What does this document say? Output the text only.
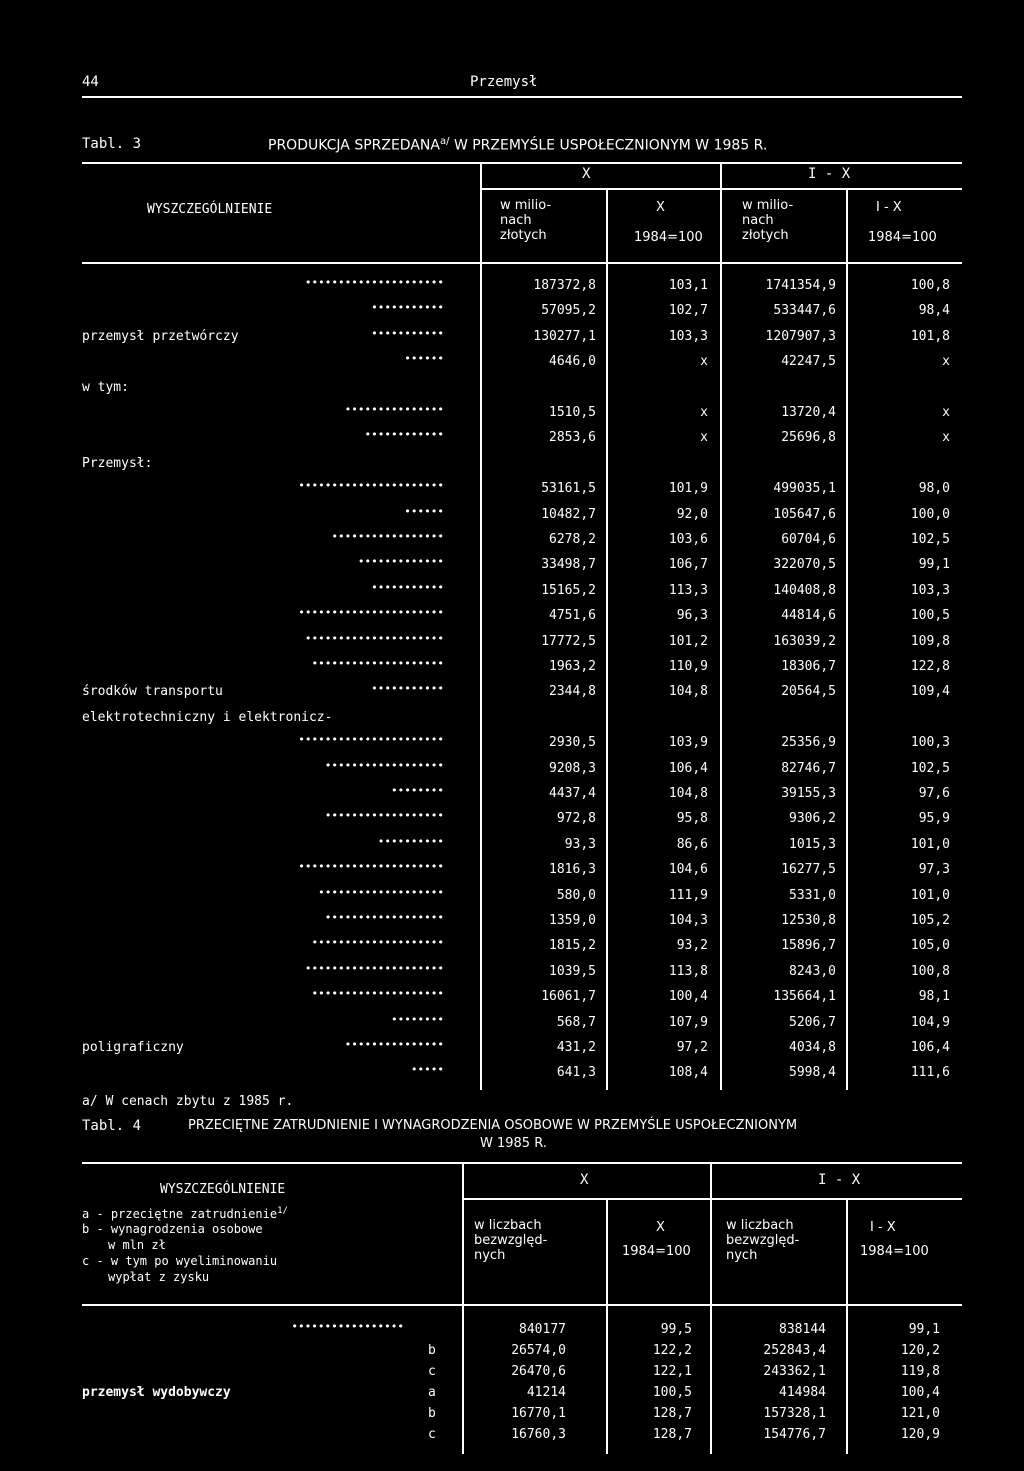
44	Przemysł
Tabl. 3	PRODUKCJA $SPRZEDANA^{a/}$ W PRZEMYŚLE USPOŁECZNIONYM W 1985 R.
WYSZCZEGÓLNIENIE
X	I - X
w milio-
nach
złotych
X
1984=100
w milio-
nach
złotych
I - X
1984=100
•••••••••••••••••••••	187372,8	103,1	1741354,9	100,8
•••••••••••	57095,2	102,7	533447,6	98,4
przemysł przetwórczy	•••••••••••	130277,1	103,3	1207907,3	101,8
••••••	4646,0	x	42247,5	x
w tym:
•••••••••••••••	1510,5	x	13720,4	x
••••••••••••	2853,6	x	25696,8	x
Przemysł:
••••••••••••••••••••••	53161,5	101,9	499035,1	98,0
••••••	10482,7	92,0	105647,6	100,0
•••••••••••••••••	6278,2	103,6	60704,6	102,5
•••••••••••••	33498,7	106,7	322070,5	99,1
•••••••••••	15165,2	113,3	140408,8	103,3
••••••••••••••••••••••	4751,6	96,3	44814,6	100,5
•••••••••••••••••••••	17772,5	101,2	163039,2	109,8
••••••••••••••••••••	1963,2	110,9	18306,7	122,8
środków transportu	•••••••••••	2344,8	104,8	20564,5	109,4
elektrotechniczny i elektronicz-
••••••••••••••••••••••	2930,5	103,9	25356,9	100,3
••••••••••••••••••	9208,3	106,4	82746,7	102,5
••••••••	4437,4	104,8	39155,3	97,6
••••••••••••••••••	972,8	95,8	9306,2	95,9
••••••••••	93,3	86,6	1015,3	101,0
••••••••••••••••••••••	1816,3	104,6	16277,5	97,3
•••••••••••••••••••	580,0	111,9	5331,0	101,0
••••••••••••••••••	1359,0	104,3	12530,8	105,2
••••••••••••••••••••	1815,2	93,2	15896,7	105,0
•••••••••••••••••••••	1039,5	113,8	8243,0	100,8
••••••••••••••••••••	16061,7	100,4	135664,1	98,1
••••••••	568,7	107,9	5206,7	104,9
poligraficzny	•••••••••••••••	431,2	97,2	4034,8	106,4
•••••	641,3	108,4	5998,4	111,6
a/ W cenach zbytu z 1985 r.
Tabl. 4	PRZECIĘTNE ZATRUDNIENIE I WYNAGRODZENIA OSOBOWE W PRZEMYŚLE USPOŁECZNIONYM
W 1985 R.
WYSZCZEGÓLNIENIE
a - przeciętne zatrudnienie$^{1/}$
b - wynagrodzenia osobowe
w mln zł
c - w tym po wyeliminowaniu
wypłat z zysku
X	I - X
w liczbach
bezwzględ-
nych
X
1984=100
w liczbach
bezwzględ-
nych
I - X
1984=100
•••••••••••••••••	840177	99,5	838144	99,1
b	26574,0	122,2	252843,4	120,2
c	26470,6	122,1	243362,1	119,8
przemysł wydobywczy	a	41214	100,5	414984	100,4
b	16770,1	128,7	157328,1	121,0
c	16760,3	128,7	154776,7	120,9
